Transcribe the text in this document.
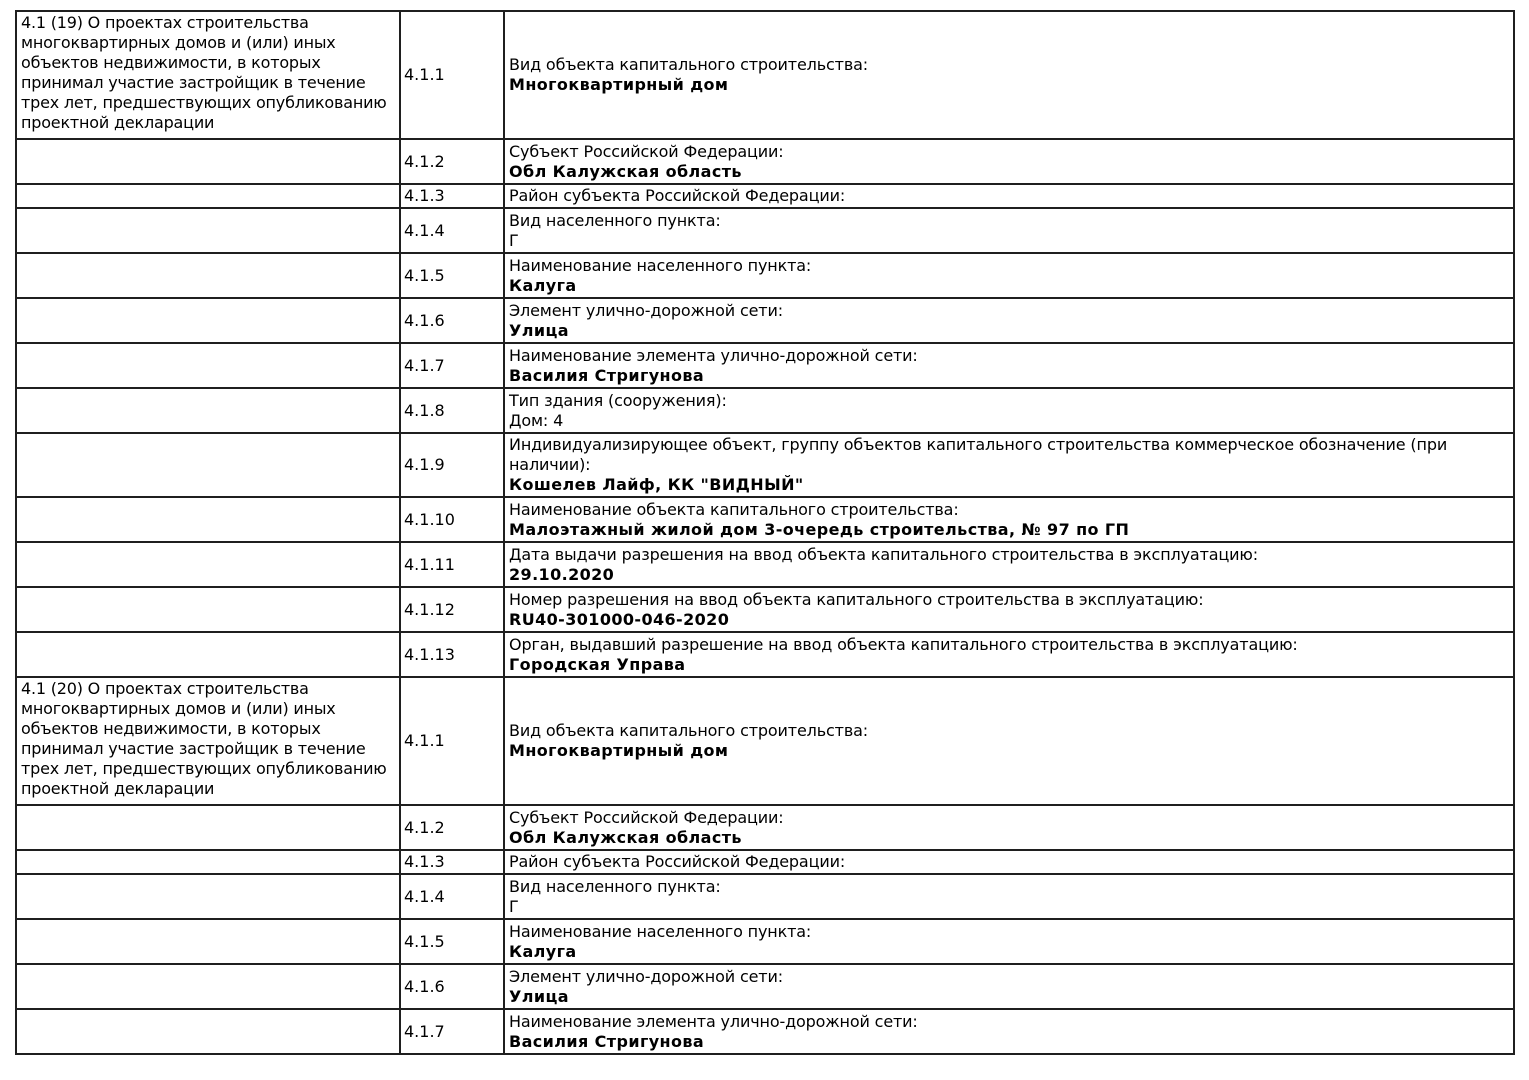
4.1 (19) О проектах строительства многоквартирных домов и (или) иных объектов недвижимости, в которых принимал участие застройщик в течение трех лет, предшествующих опубликованию проектной декларации	4.1.1	Вид объекта капитального строительства:
Многоквартирный дом

	4.1.2	Субъект Российской Федерации:
Обл Калужская область

	4.1.3	Район субъекта Российской Федерации:

	4.1.4	Вид населенного пункта:
Г

	4.1.5	Наименование населенного пункта:
Калуга

	4.1.6	Элемент улично-дорожной сети:
Улица

	4.1.7	Наименование элемента улично-дорожной сети:
Василия Стригунова

	4.1.8	Тип здания (сооружения):
Дом: 4

	4.1.9	Индивидуализирующее объект, группу объектов капитального строительства коммерческое обозначение (при наличии):
Кошелев Лайф, КК "ВИДНЫЙ"

	4.1.10	Наименование объекта капитального строительства:
Малоэтажный жилой дом 3-очередь строительства, № 97 по ГП

	4.1.11	Дата выдачи разрешения на ввод объекта капитального строительства в эксплуатацию:
29.10.2020

	4.1.12	Номер разрешения на ввод объекта капитального строительства в эксплуатацию:
RU40-301000-046-2020

	4.1.13	Орган, выдавший разрешение на ввод объекта капитального строительства в эксплуатацию:
Городская Управа

4.1 (20) О проектах строительства многоквартирных домов и (или) иных объектов недвижимости, в которых принимал участие застройщик в течение трех лет, предшествующих опубликованию проектной декларации	4.1.1	Вид объекта капитального строительства:
Многоквартирный дом

	4.1.2	Субъект Российской Федерации:
Обл Калужская область

	4.1.3	Район субъекта Российской Федерации:

	4.1.4	Вид населенного пункта:
Г

	4.1.5	Наименование населенного пункта:
Калуга

	4.1.6	Элемент улично-дорожной сети:
Улица

	4.1.7	Наименование элемента улично-дорожной сети:
Василия Стригунова
